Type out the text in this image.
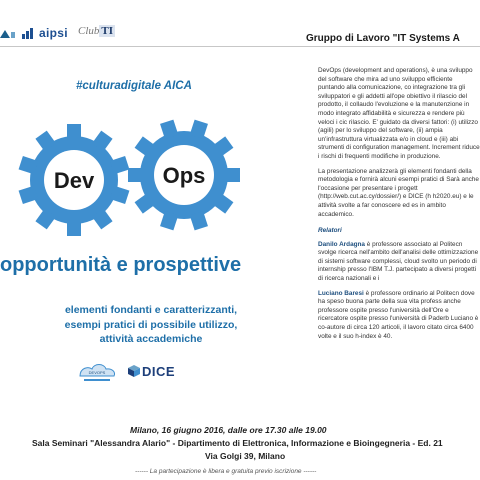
aipsi Club TI
Gruppo di Lavoro "IT Systems A
#culturadigitale AICA
Dev	Ops
opportunità e prospettive
elementi fondanti e caratterizzanti,
esempi pratici di possibile utilizzo,
attività accademiche
DEVOPS	DICE

DevOps (development and operations), è una sviluppo del software che mira ad uno sviluppo efficiente puntando alla comunicazione, co integrazione tra gli sviluppatori e gli addetti all'ope obiettivo il rilascio del prodotto, il collaudo l'evoluzione e la manutenzione in modo integrato affidabilità e sicurezza e rendere più veloci i cic rilascio. E' guidato da diversi fattori: (i) utilizzo (agili) per lo sviluppo del software, (ii) ampia un'infrastruttura virtualizzata e/o in cloud e (iii) abi strumenti di configuration management. Increment riduce i rischi di frequenti modifiche in produzione.

La presentazione analizzerà gli elementi fondanti della metodologia e fornirà alcuni esempi pratici di Sarà anche l'occasione per presentare i progett (http://web.cut.ac.cy/dossier/) e DICE (h h2020.eu) e le attività svolte a far conoscere ed es in ambito accademico.

Relatori

Danilo Ardagna è professore associato al Politecn svolge ricerca nell'ambito dell'analisi delle ottimizzazione di sistemi software complessi, cloud svolto un periodo di internship presso l'IBM T.J. partecipato a diversi progetti di ricerca nazionali e i

Luciano Baresi è professore ordinario al Politecn dove ha speso buona parte della sua vita profess anche professore ospite presso l'università dell'Ore e ricercatore ospite presso l'università di Paderb Luciano è co-autore di circa 120 articoli, il lavoro citato circa 6400 volte e il suo h-index è 40.

Milano, 16 giugno 2016, dalle ore 17.30 alle 19.00
Sala Seminari "Alessandra Alario" - Dipartimento di Elettronica, Informazione e Bioingegneria - Ed. 21
Via Golgi 39, Milano
------ La partecipazione è libera e gratuita previo iscrizione ------
